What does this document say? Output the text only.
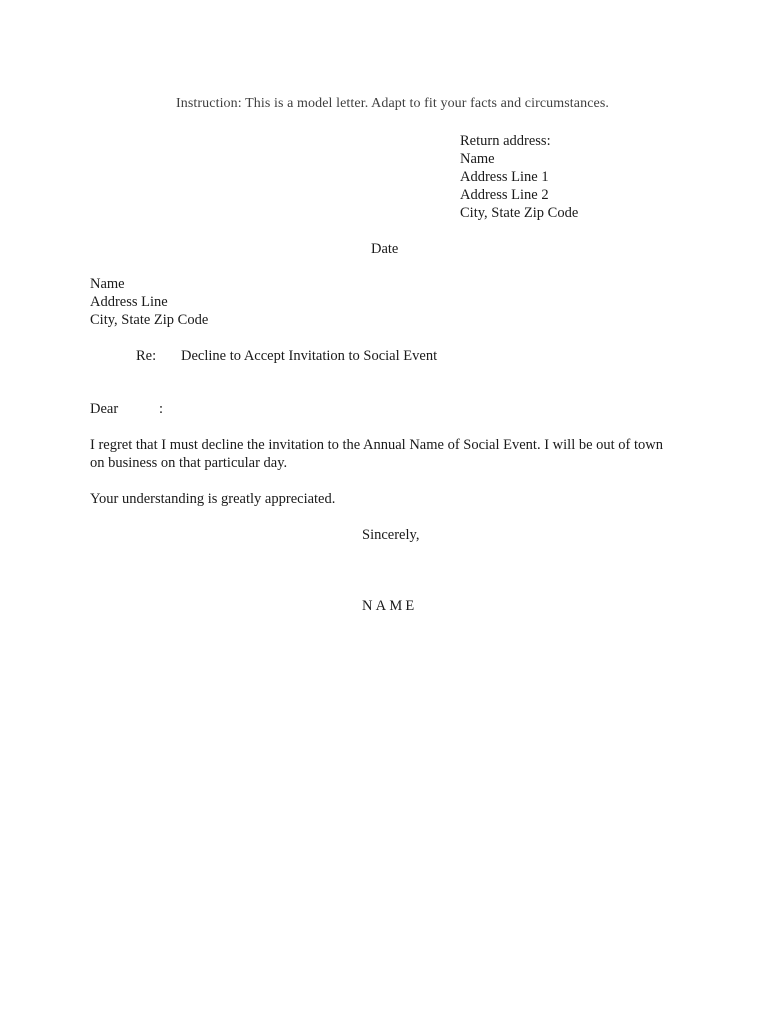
Instruction: This is a model letter. Adapt to fit your facts and circumstances.
Return address:
Name
Address Line 1
Address Line 2
City, State Zip Code
Date
Name
Address Line
City, State Zip Code
Re: Decline to Accept Invitation to Social Event
Dear	:
I regret that I must decline the invitation to the Annual Name of Social Event. I will be out of town
on business on that particular day.
Your understanding is greatly appreciated.
Sincerely,
NAME
